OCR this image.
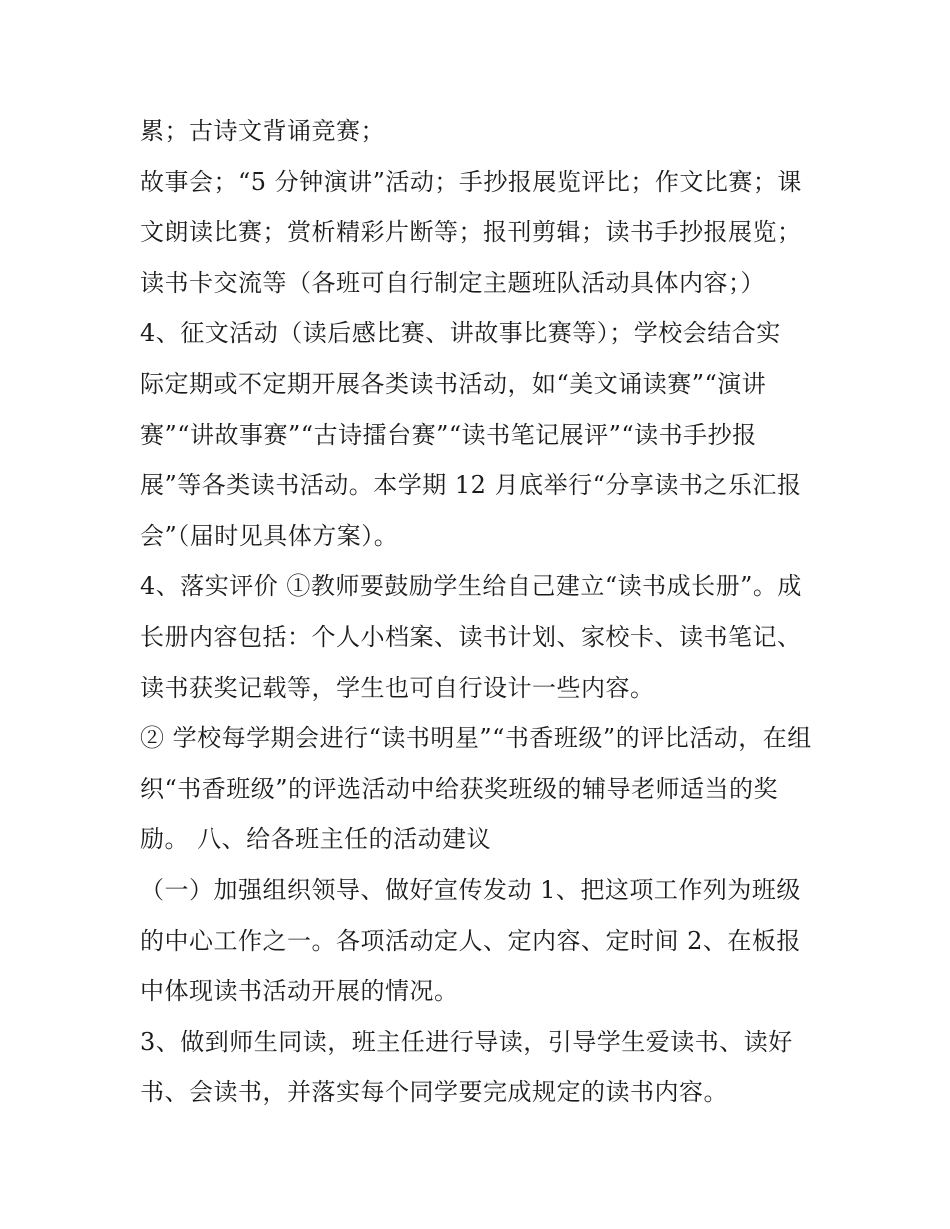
累；古诗文背诵竞赛；
故事会；“5 分钟演讲”活动；手抄报展览评比；作文比赛；课
文朗读比赛；赏析精彩片断等；报刊剪辑；读书手抄报展览；
读书卡交流等（各班可自行制定主题班队活动具体内容；）
4、征文活动（读后感比赛、讲故事比赛等）；学校会结合实
际定期或不定期开展各类读书活动，如“美文诵读赛”“演讲
赛”“讲故事赛”“古诗擂台赛”“读书笔记展评”“读书手抄报
展”等各类读书活动。本学期 12 月底举行“分享读书之乐汇报
会”（届时见具体方案）。
4、落实评价 ①教师要鼓励学生给自己建立“读书成长册”。成
长册内容包括：个人小档案、读书计划、家校卡、读书笔记、
读书获奖记载等，学生也可自行设计一些内容。
② 学校每学期会进行“读书明星”“书香班级”的评比活动，在组
织“书香班级”的评选活动中给获奖班级的辅导老师适当的奖
励。 八、给各班主任的活动建议
（一）加强组织领导、做好宣传发动 1、把这项工作列为班级
的中心工作之一。各项活动定人、定内容、定时间 2、在板报
中体现读书活动开展的情况。
3、做到师生同读，班主任进行导读，引导学生爱读书、读好
书、会读书，并落实每个同学要完成规定的读书内容。
